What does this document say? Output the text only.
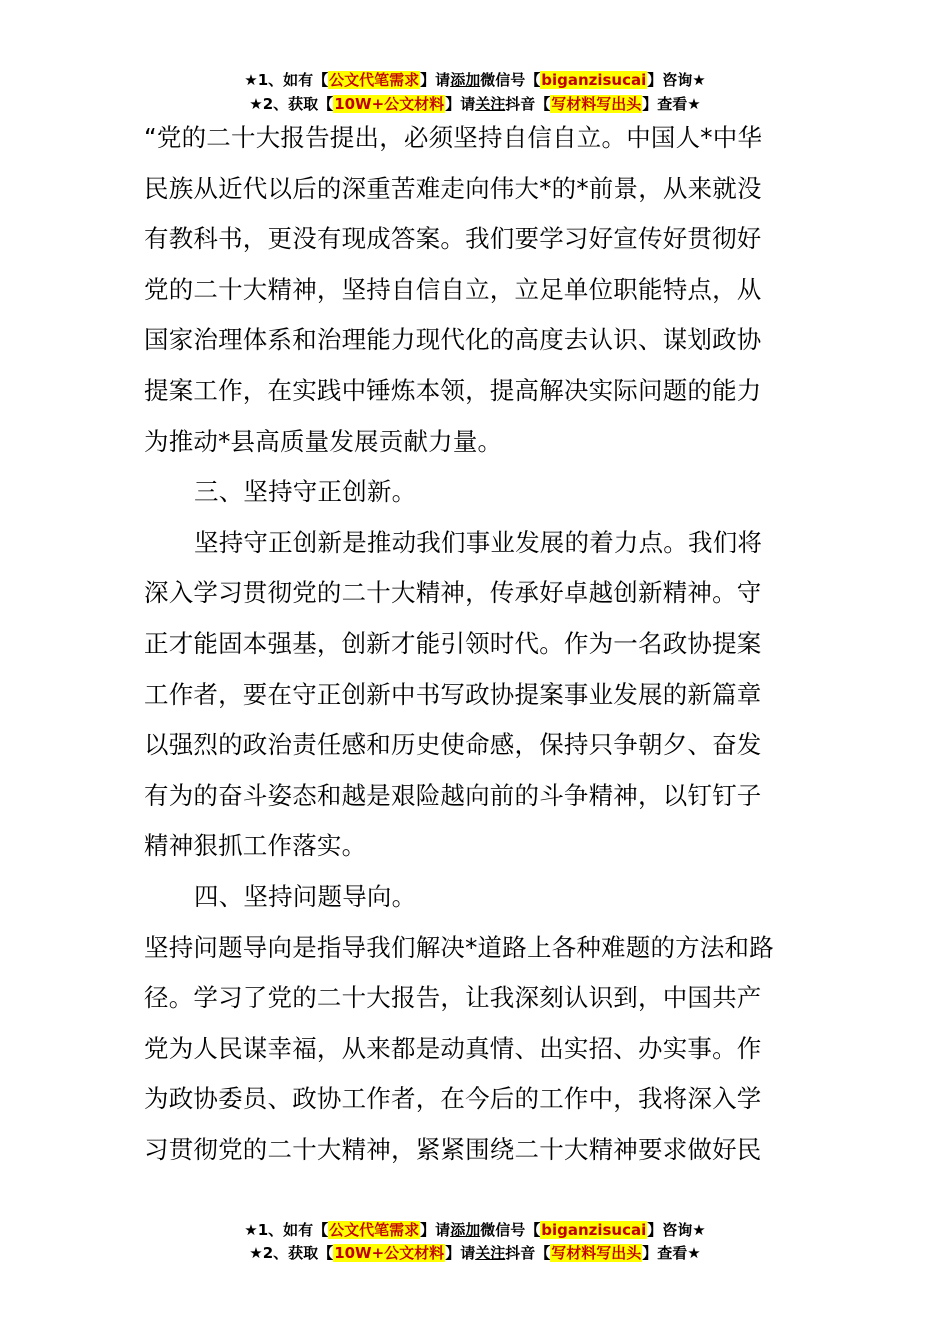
★1、如有【公文代笔需求】请添加微信号【biganzisucai】咨询★
★2、获取【10W+公文材料】请关注抖音【写材料写出头】查看★
“党的二十大报告提出，必须坚持自信自立。中国人*中华
民族从近代以后的深重苦难走向伟大*的*前景，从来就没
有教科书，更没有现成答案。我们要学习好宣传好贯彻好
党的二十大精神，坚持自信自立，立足单位职能特点，从
国家治理体系和治理能力现代化的高度去认识、谋划政协
提案工作，在实践中锤炼本领，提高解决实际问题的能力
为推动*县高质量发展贡献力量。
三、坚持守正创新。
坚持守正创新是推动我们事业发展的着力点。我们将
深入学习贯彻党的二十大精神，传承好卓越创新精神。守
正才能固本强基，创新才能引领时代。作为一名政协提案
工作者，要在守正创新中书写政协提案事业发展的新篇章
以强烈的政治责任感和历史使命感，保持只争朝夕、奋发
有为的奋斗姿态和越是艰险越向前的斗争精神，以钉钉子
精神狠抓工作落实。
四、坚持问题导向。
坚持问题导向是指导我们解决*道路上各种难题的方法和路
径。学习了党的二十大报告，让我深刻认识到，中国共产
党为人民谋幸福，从来都是动真情、出实招、办实事。作
为政协委员、政协工作者，在今后的工作中，我将深入学
习贯彻党的二十大精神，紧紧围绕二十大精神要求做好民
★1、如有【公文代笔需求】请添加微信号【biganzisucai】咨询★
★2、获取【10W+公文材料】请关注抖音【写材料写出头】查看★
